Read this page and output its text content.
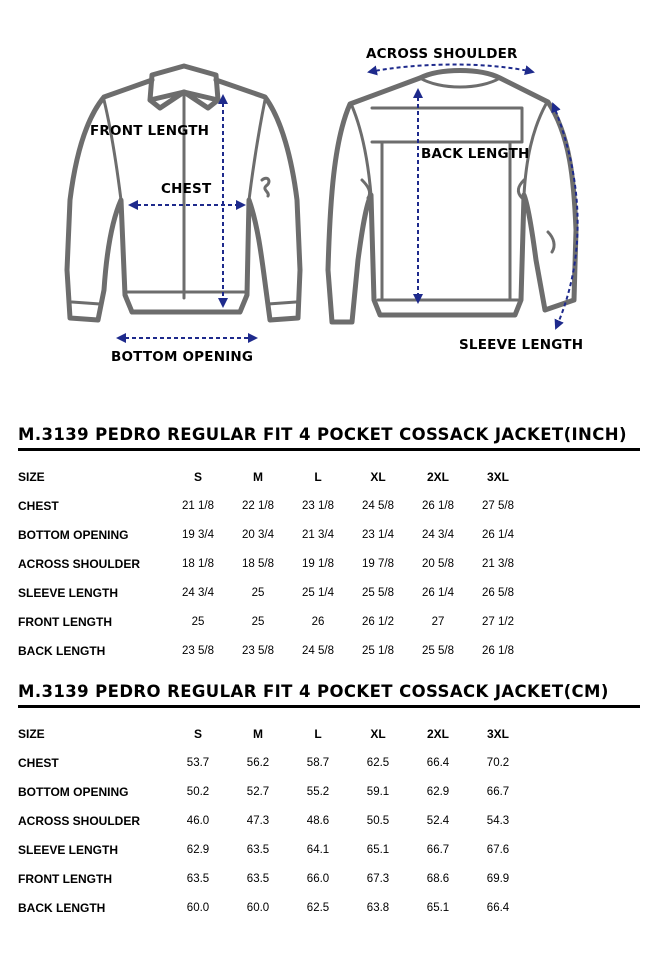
FRONT LENGTH
CHEST
BOTTOM OPENING
ACROSS SHOULDER
BACK LENGTH
SLEEVE LENGTH
M.3139 PEDRO REGULAR FIT 4 POCKET COSSACK JACKET(INCH)
SIZE	S	M	L	XL	2XL	3XL
CHEST	21 1/8	22 1/8	23 1/8	24 5/8	26 1/8	27 5/8
BOTTOM OPENING	19 3/4	20 3/4	21 3/4	23 1/4	24 3/4	26 1/4
ACROSS SHOULDER	18 1/8	18 5/8	19 1/8	19 7/8	20 5/8	21 3/8
SLEEVE LENGTH	24 3/4	25	25 1/4	25 5/8	26 1/4	26 5/8
FRONT LENGTH	25	25	26	26 1/2	27	27 1/2
BACK LENGTH	23 5/8	23 5/8	24 5/8	25 1/8	25 5/8	26 1/8
M.3139 PEDRO REGULAR FIT 4 POCKET COSSACK JACKET(CM)
SIZE	S	M	L	XL	2XL	3XL
CHEST	53.7	56.2	58.7	62.5	66.4	70.2
BOTTOM OPENING	50.2	52.7	55.2	59.1	62.9	66.7
ACROSS SHOULDER	46.0	47.3	48.6	50.5	52.4	54.3
SLEEVE LENGTH	62.9	63.5	64.1	65.1	66.7	67.6
FRONT LENGTH	63.5	63.5	66.0	67.3	68.6	69.9
BACK LENGTH	60.0	60.0	62.5	63.8	65.1	66.4
